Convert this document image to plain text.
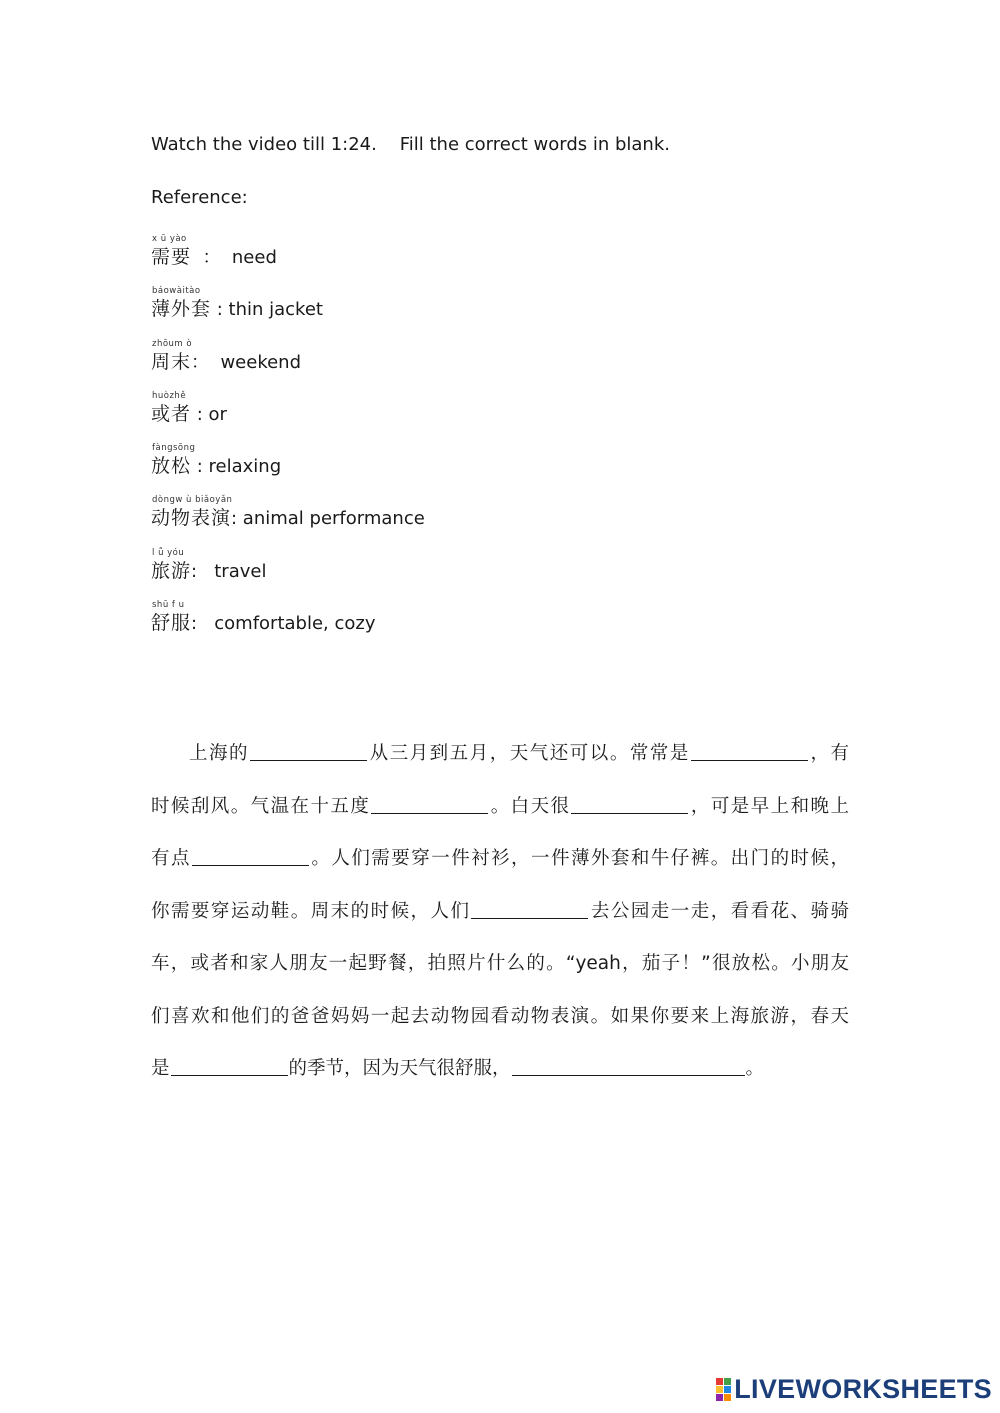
Watch the video till 1:24.    Fill the correct words in blank.
Reference:
x ū yào
需要  ：  need
báowàitào
薄外套 : thin jacket
zhōum ò
周末：  weekend
huòzhě
或者 : or
fàngsōng
放松 : relaxing
dòngw ù biǎoyǎn
动物表演: animal performance
l ǚ yóu
旅游:   travel
shū f u
舒服:   comfortable, cozy
上海的	从三月到五月，天气还可以。常常是	，有
时候刮风。气温在十五度	。白天很	，可是早上和晚上
有点	。人们需要穿一件衬衫，一件薄外套和牛仔裤。出门的时候，
你需要穿运动鞋。周末的时候，人们	去公园走一走，看看花、骑骑
车，或者和家人朋友一起野餐，拍照片什么的。“yeah，茄子！”很放松。小朋友
们喜欢和他们的爸爸妈妈一起去动物园看动物表演。如果你要来上海旅游，春天
是	的季节，因为天气很舒服，	。
LIVEWORKSHEETS
